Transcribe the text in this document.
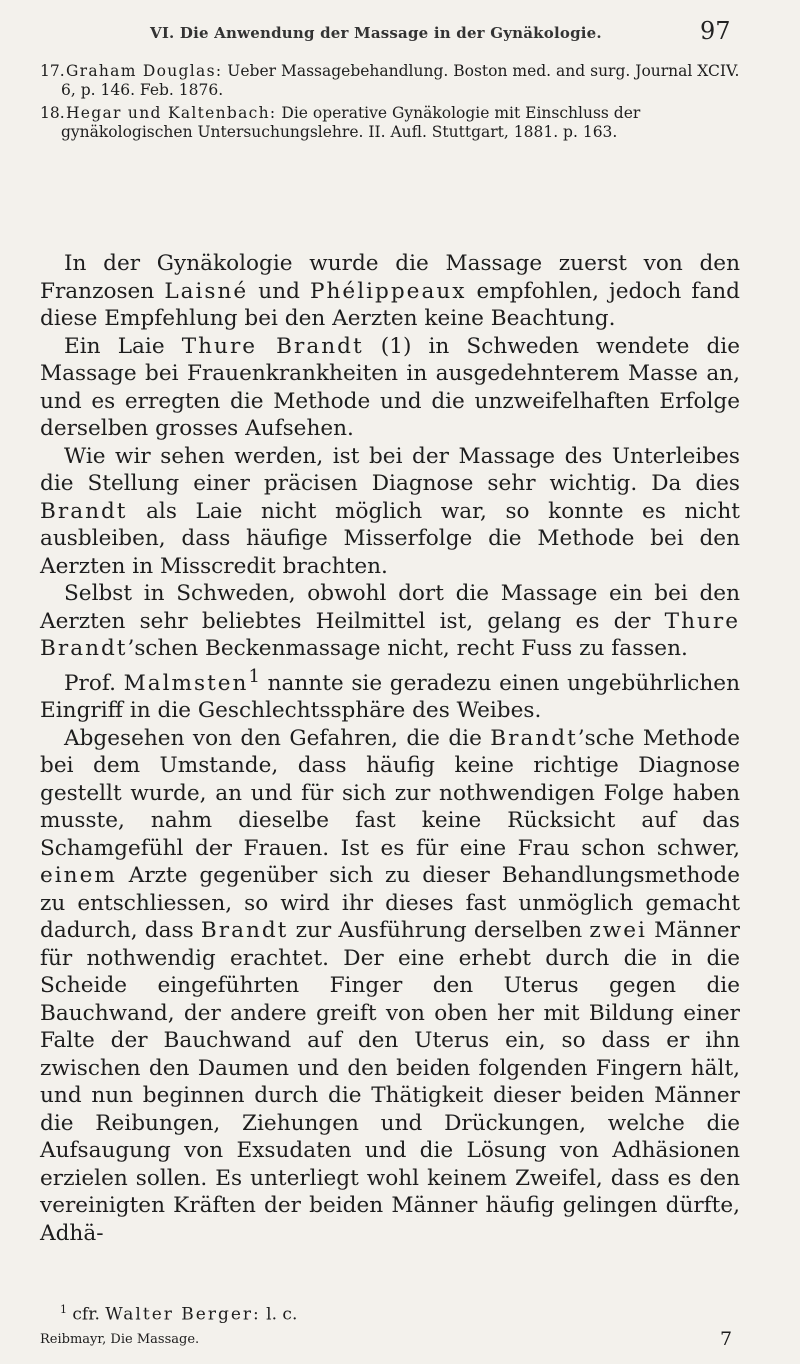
VI. Die Anwendung der Massage in der Gynäkologie.	97

17. Graham Douglas: Ueber Massagebehandlung. Boston med. and surg. Journal XCIV. 6, p. 146. Feb. 1876.

18. Hegar und Kaltenbach: Die operative Gynäkologie mit Einschluss der gynäkologischen Untersuchungslehre. II. Aufl. Stuttgart, 1881. p. 163.

In der Gynäkologie wurde die Massage zuerst von den Franzosen Laisné und Phélippeaux empfohlen, jedoch fand diese Empfehlung bei den Aerzten keine Beachtung.

Ein Laie Thure Brandt (1) in Schweden wendete die Massage bei Frauenkrankheiten in ausgedehnterem Masse an, und es erregten die Methode und die unzweifelhaften Erfolge derselben grosses Aufsehen.

Wie wir sehen werden, ist bei der Massage des Unterleibes die Stellung einer präcisen Diagnose sehr wichtig. Da dies Brandt als Laie nicht möglich war, so konnte es nicht ausbleiben, dass häufige Misserfolge die Methode bei den Aerzten in Misscredit brachten.

Selbst in Schweden, obwohl dort die Massage ein bei den Aerzten sehr beliebtes Heilmittel ist, gelang es der Thure Brandt’schen Beckenmassage nicht, recht Fuss zu fassen.

Prof. Malmsten$^1$ nannte sie geradezu einen ungebührlichen Eingriff in die Geschlechtssphäre des Weibes.

Abgesehen von den Gefahren, die die Brandt’sche Methode bei dem Umstande, dass häufig keine richtige Diagnose gestellt wurde, an und für sich zur nothwendigen Folge haben musste, nahm dieselbe fast keine Rücksicht auf das Schamgefühl der Frauen. Ist es für eine Frau schon schwer, einem Arzte gegenüber sich zu dieser Behandlungsmethode zu entschliessen, so wird ihr dieses fast unmöglich gemacht dadurch, dass Brandt zur Ausführung derselben zwei Männer für nothwendig erachtet. Der eine erhebt durch die in die Scheide eingeführten Finger den Uterus gegen die Bauchwand, der andere greift von oben her mit Bildung einer Falte der Bauchwand auf den Uterus ein, so dass er ihn zwischen den Daumen und den beiden folgenden Fingern hält, und nun beginnen durch die Thätigkeit dieser beiden Männer die Reibungen, Ziehungen und Drückungen, welche die Aufsaugung von Exsudaten und die Lösung von Adhäsionen erzielen sollen. Es unterliegt wohl keinem Zweifel, dass es den vereinigten Kräften der beiden Männer häufig gelingen dürfte, Adhä-

$^1$ cfr. Walter Berger: l. c.

Reibmayr, Die Massage.	7
